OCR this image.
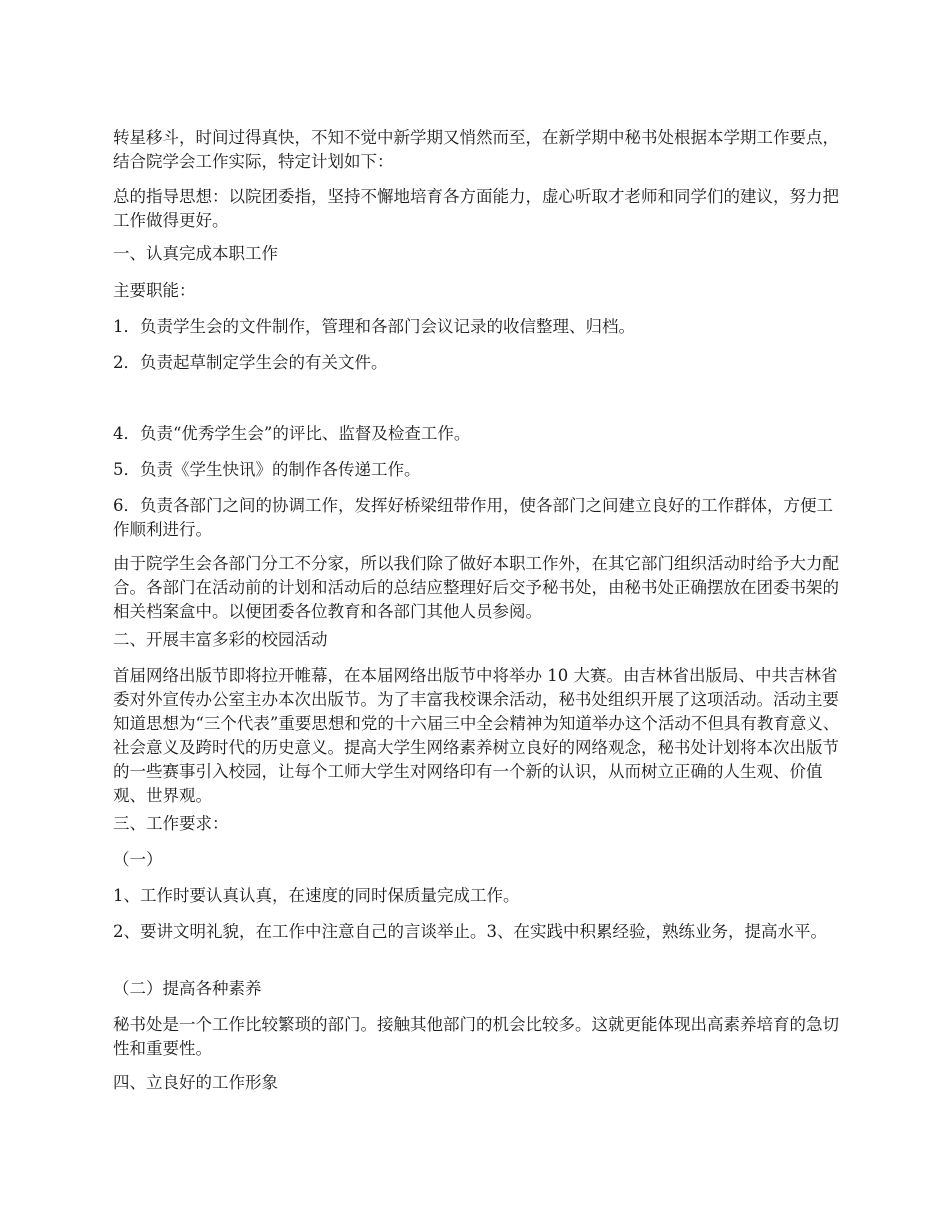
转星移斗，时间过得真快，不知不觉中新学期又悄然而至，在新学期中秘书处根据本学期工作要点，结合院学会工作实际，特定计划如下：

总的指导思想：以院团委指，坚持不懈地培育各方面能力，虚心听取才老师和同学们的建议，努力把工作做得更好。

一、认真完成本职工作

主要职能：

1．负责学生会的文件制作，管理和各部门会议记录的收信整理、归档。

2．负责起草制定学生会的有关文件。

4．负责“优秀学生会”的评比、监督及检查工作。

5．负责《学生快讯》的制作各传递工作。

6．负责各部门之间的协调工作，发挥好桥梁纽带作用，使各部门之间建立良好的工作群体，方便工作顺利进行。

由于院学生会各部门分工不分家，所以我们除了做好本职工作外，在其它部门组织活动时给予大力配合。各部门在活动前的计划和活动后的总结应整理好后交予秘书处，由秘书处正确摆放在团委书架的相关档案盒中。以便团委各位教育和各部门其他人员参阅。

二、开展丰富多彩的校园活动

首届网络出版节即将拉开帷幕，在本届网络出版节中将举办 10 大赛。由吉林省出版局、中共吉林省委对外宣传办公室主办本次出版节。为了丰富我校课余活动，秘书处组织开展了这项活动。活动主要知道思想为“三个代表”重要思想和党的十六届三中全会精神为知道举办这个活动不但具有教育意义、社会意义及跨时代的历史意义。提高大学生网络素养树立良好的网络观念，秘书处计划将本次出版节的一些赛事引入校园，让每个工师大学生对网络印有一个新的认识，从而树立正确的人生观、价值观、世界观。

三、工作要求：

（一）

1、工作时要认真认真，在速度的同时保质量完成工作。

2、要讲文明礼貌，在工作中注意自己的言谈举止。3、在实践中积累经验，熟练业务，提高水平。

（二）提高各种素养

秘书处是一个工作比较繁琐的部门。接触其他部门的机会比较多。这就更能体现出高素养培育的急切性和重要性。

四、立良好的工作形象
